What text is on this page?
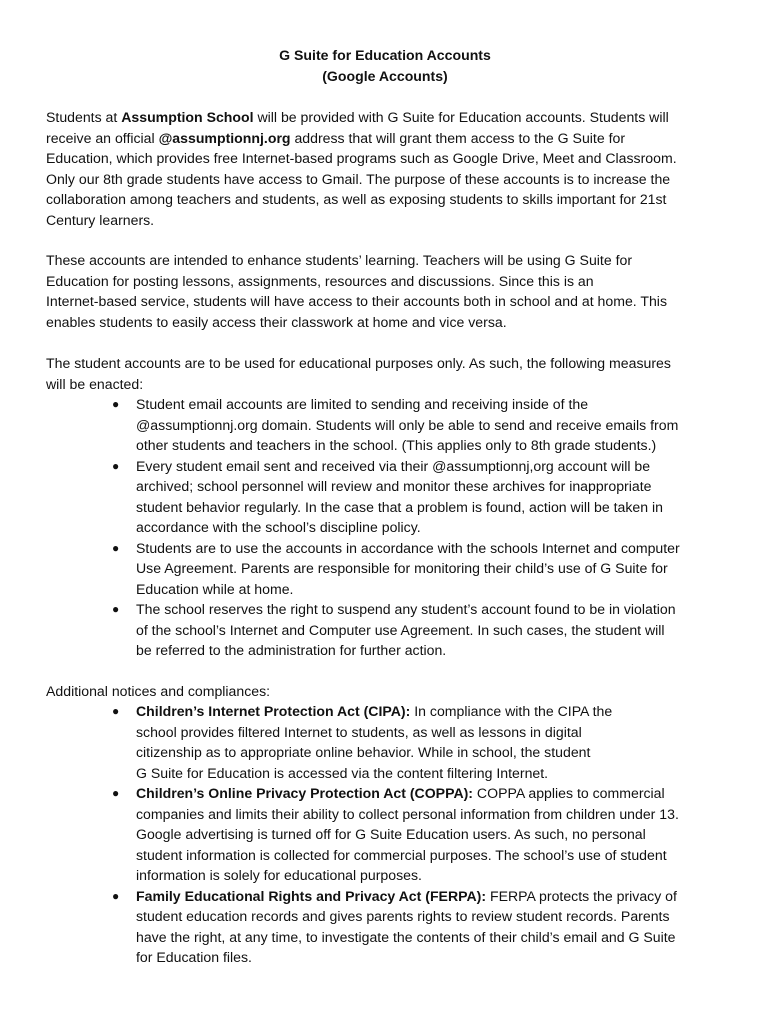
G Suite for Education Accounts
(Google Accounts)
Students at Assumption School will be provided with G Suite for Education accounts. Students will
receive an official @assumptionnj.org address that will grant them access to the G Suite for
Education, which provides free Internet-based programs such as Google Drive, Meet and Classroom.
Only our 8th grade students have access to Gmail. The purpose of these accounts is to increase the
collaboration among teachers and students, as well as exposing students to skills important for 21st
Century learners.
These accounts are intended to enhance students’ learning. Teachers will be using G Suite for
Education for posting lessons, assignments, resources and discussions. Since this is an
Internet-based service, students will have access to their accounts both in school and at home. This
enables students to easily access their classwork at home and vice versa.
The student accounts are to be used for educational purposes only. As such, the following measures
will be enacted:
● Student email accounts are limited to sending and receiving inside of the
@assumptionnj.org domain. Students will only be able to send and receive emails from
other students and teachers in the school. (This applies only to 8th grade students.)
● Every student email sent and received via their @assumptionnj,org account will be
archived; school personnel will review and monitor these archives for inappropriate
student behavior regularly. In the case that a problem is found, action will be taken in
accordance with the school’s discipline policy.
● Students are to use the accounts in accordance with the schools Internet and computer
Use Agreement. Parents are responsible for monitoring their child’s use of G Suite for
Education while at home.
● The school reserves the right to suspend any student’s account found to be in violation
of the school’s Internet and Computer use Agreement. In such cases, the student will
be referred to the administration for further action.
Additional notices and compliances:
● Children’s Internet Protection Act (CIPA): In compliance with the CIPA the
school provides filtered Internet to students, as well as lessons in digital
citizenship as to appropriate online behavior. While in school, the student
G Suite for Education is accessed via the content filtering Internet.
● Children’s Online Privacy Protection Act (COPPA): COPPA applies to commercial
companies and limits their ability to collect personal information from children under 13.
Google advertising is turned off for G Suite Education users. As such, no personal
student information is collected for commercial purposes. The school’s use of student
information is solely for educational purposes.
● Family Educational Rights and Privacy Act (FERPA): FERPA protects the privacy of
student education records and gives parents rights to review student records. Parents
have the right, at any time, to investigate the contents of their child’s email and G Suite
for Education files.
